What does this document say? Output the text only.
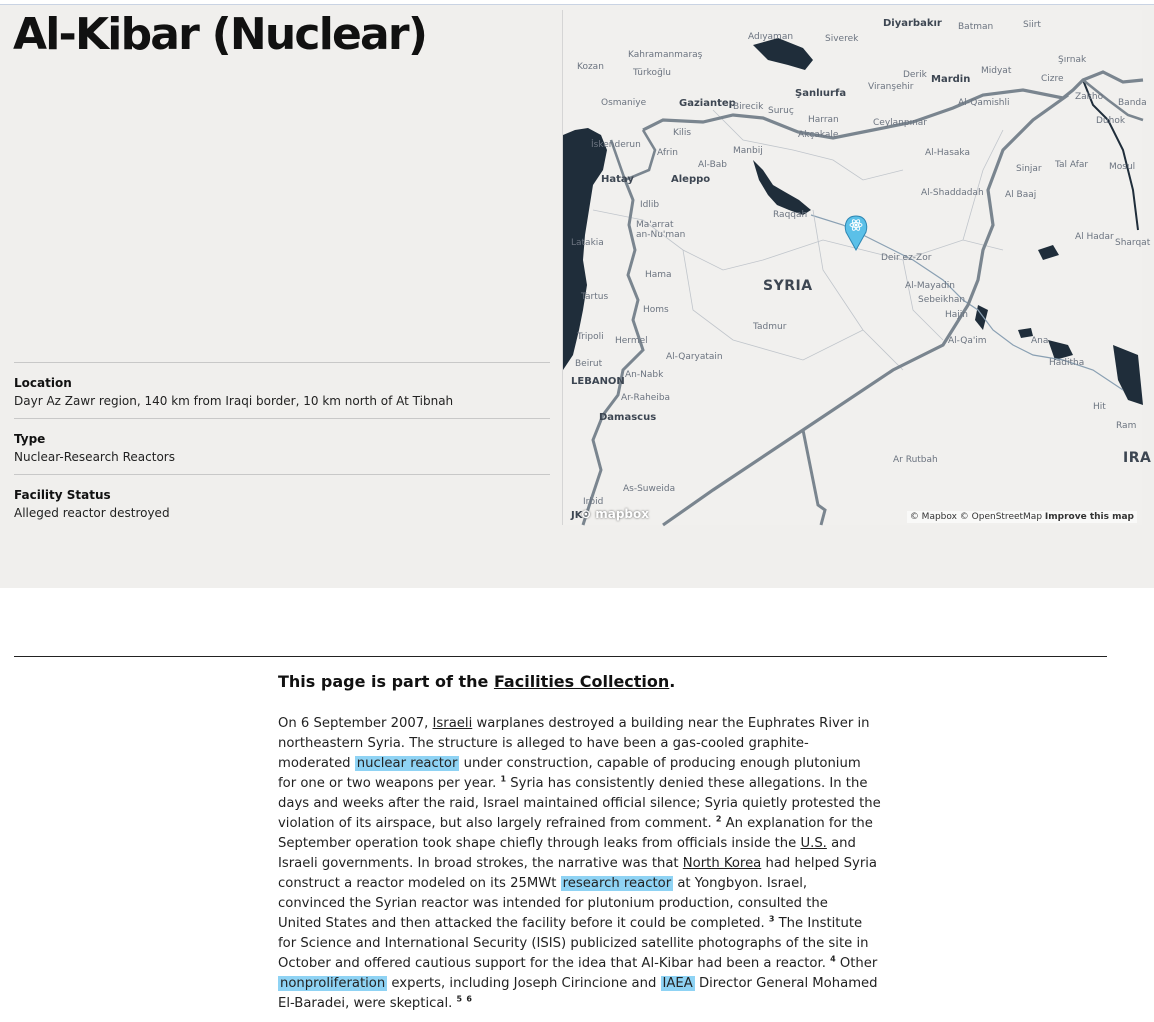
Al-Kibar (Nuclear)
Location
Dayr Az Zawr region, 140 km from Iraqi border, 10 km north of At Tibnah
Type
Nuclear-Research Reactors
Facility Status
Alleged reactor destroyed
Diyarbakır Batman	Siirt
Adıyaman	Siverek
Şırnak
Kozan
Kahramanmaraş
Türkoğlu	Derik Mardin
Midyat
Cizre
Osmaniye	Gaziantep
Birecik
Şanlıurfa
Viranşehir
Al-Qamishli
Zakho
Banda
Suruç
Harran	Ceylanpınar	Duhok
İskenderun
Kilis	Akçakale
Al-Hasaka
Afrin	Manbij
Al-Bab	Sinjar Tal Afar Mosul
Hatay	Aleppo
Al-Shaddadah Al Baaj
Idlib
Raqqah
Ma'arrat an-Nu'man
Latakia
Deir ez-Zor
Al Hadar
Sharqat
Hama
SYRIA	Al-Mayadin
Tartus
Homs
Sebeikhan
Hajin
Tadmur
Tripoli Hermel	Al-Qa'im	Ana
Al-Qaryatain
Haditha
Beirut
LEBANON
An-Nabk
Ar-Raheiba
Hit
Damascus
Ram
Ar Rutbah	IRA
As-Suweida
Irbid
JK
⊙ mapbox	© Mapbox © OpenStreetMap Improve this map
This page is part of the Facilities Collection.

On 6 September 2007, Israeli warplanes destroyed a building near the Euphrates River in
northeastern Syria. The structure is alleged to have been a gas-cooled graphite-
moderated nuclear reactor under construction, capable of producing enough plutonium
for one or two weapons per year. $^1$ Syria has consistently denied these allegations. In the
days and weeks after the raid, Israel maintained official silence; Syria quietly protested the
violation of its airspace, but also largely refrained from comment. $^2$ An explanation for the
September operation took shape chiefly through leaks from officials inside the U.S. and
Israeli governments. In broad strokes, the narrative was that North Korea had helped Syria
construct a reactor modeled on its 25MWt research reactor at Yongbyon. Israel,
convinced the Syrian reactor was intended for plutonium production, consulted the
United States and then attacked the facility before it could be completed. $^3$ The Institute
for Science and International Security (ISIS) publicized satellite photographs of the site in
October and offered cautious support for the idea that Al-Kibar had been a reactor. $^4$ Other
nonproliferation experts, including Joseph Cirincione and IAEA Director General Mohamed
El-Baradei, were skeptical. $^5$ $^6$
